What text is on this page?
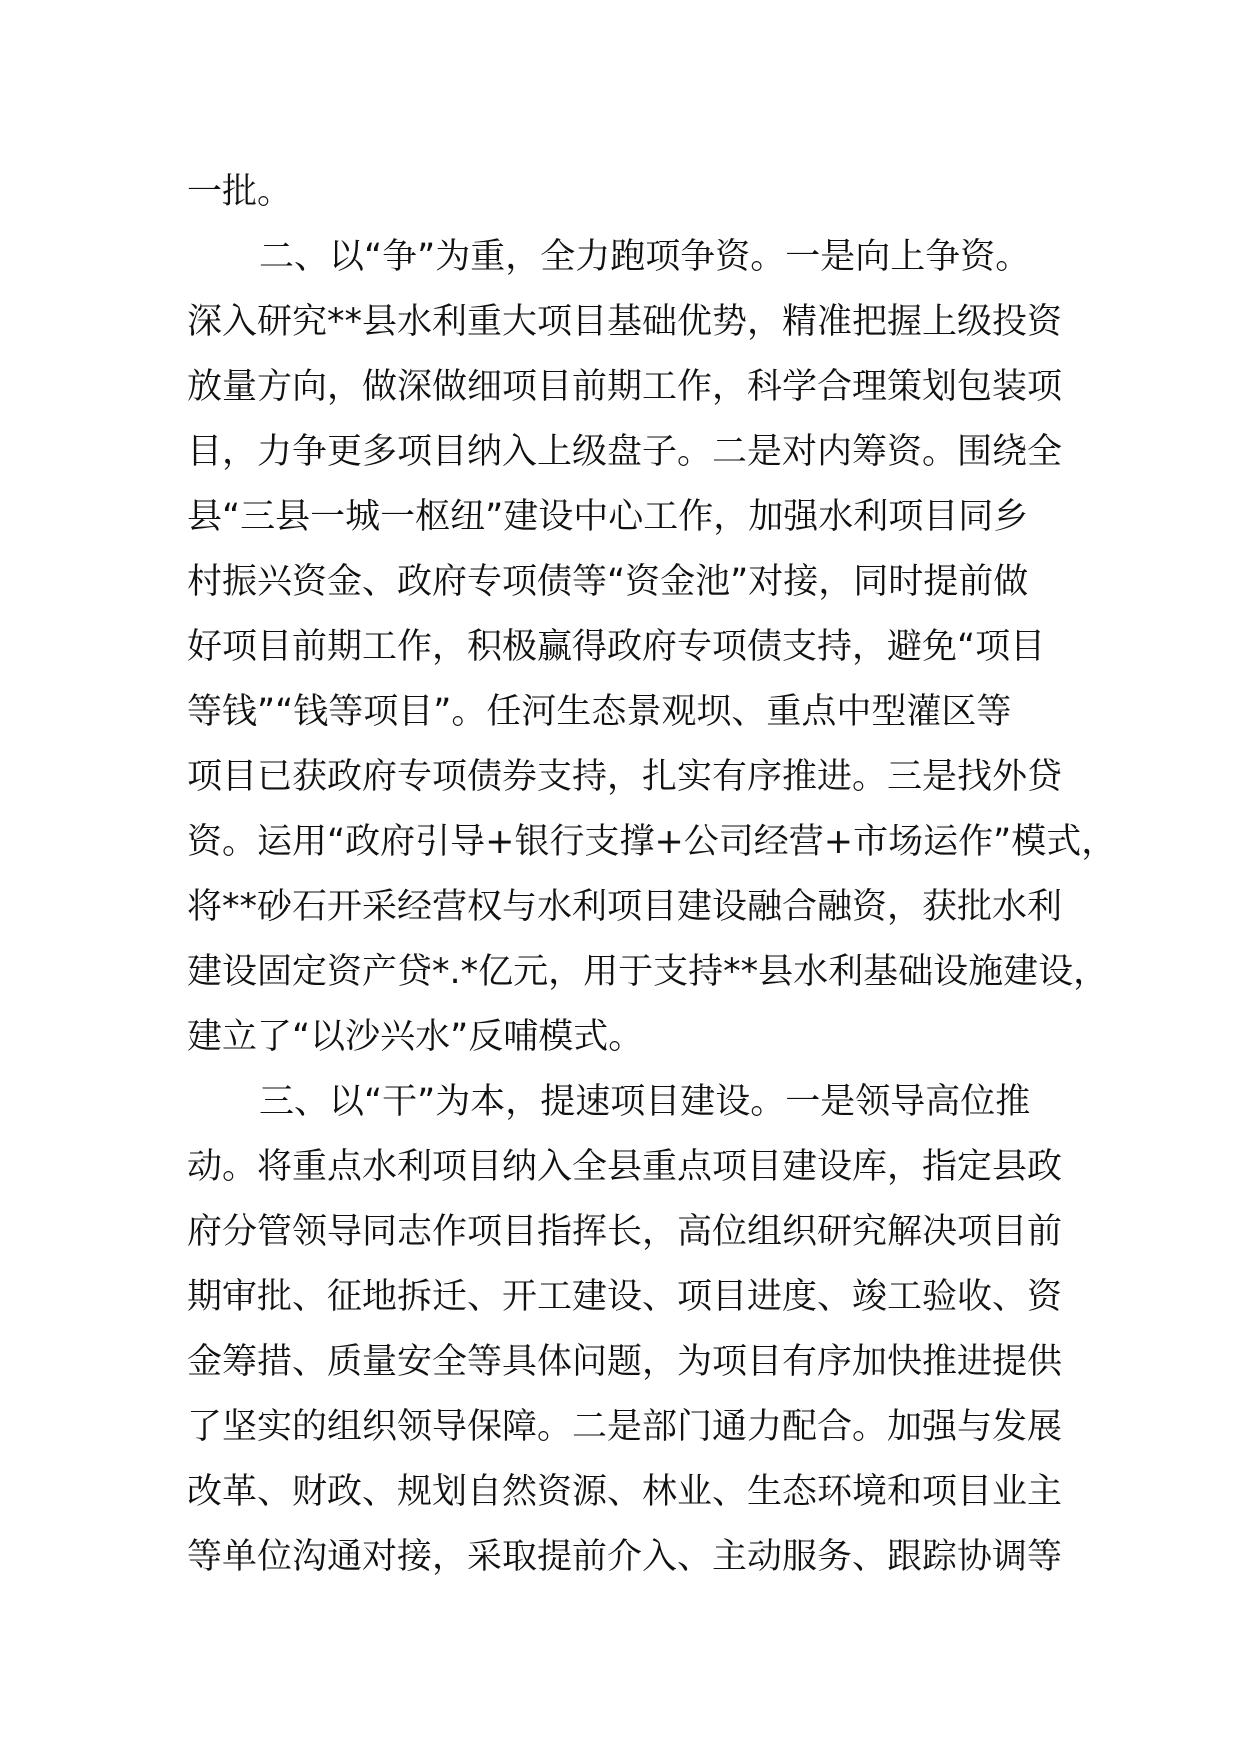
一批。

二、以“争”为重，全力跑项争资。一是向上争资。

深入研究**县水利重大项目基础优势，精准把握上级投资

放量方向，做深做细项目前期工作，科学合理策划包装项

目，力争更多项目纳入上级盘子。二是对内筹资。围绕全

县“三县一城一枢纽”建设中心工作，加强水利项目同乡

村振兴资金、政府专项债等“资金池”对接，同时提前做

好项目前期工作，积极赢得政府专项债支持，避免“项目

等钱”“钱等项目”。任河生态景观坝、重点中型灌区等

项目已获政府专项债券支持，扎实有序推进。三是找外贷

资。运用“政府引导+银行支撑+公司经营+市场运作”模式，

将**砂石开采经营权与水利项目建设融合融资，获批水利

建设固定资产贷*.*亿元，用于支持**县水利基础设施建设，

建立了“以沙兴水”反哺模式。

三、以“干”为本，提速项目建设。一是领导高位推

动。将重点水利项目纳入全县重点项目建设库，指定县政

府分管领导同志作项目指挥长，高位组织研究解决项目前

期审批、征地拆迁、开工建设、项目进度、竣工验收、资

金筹措、质量安全等具体问题，为项目有序加快推进提供

了坚实的组织领导保障。二是部门通力配合。加强与发展

改革、财政、规划自然资源、林业、生态环境和项目业主

等单位沟通对接，采取提前介入、主动服务、跟踪协调等
